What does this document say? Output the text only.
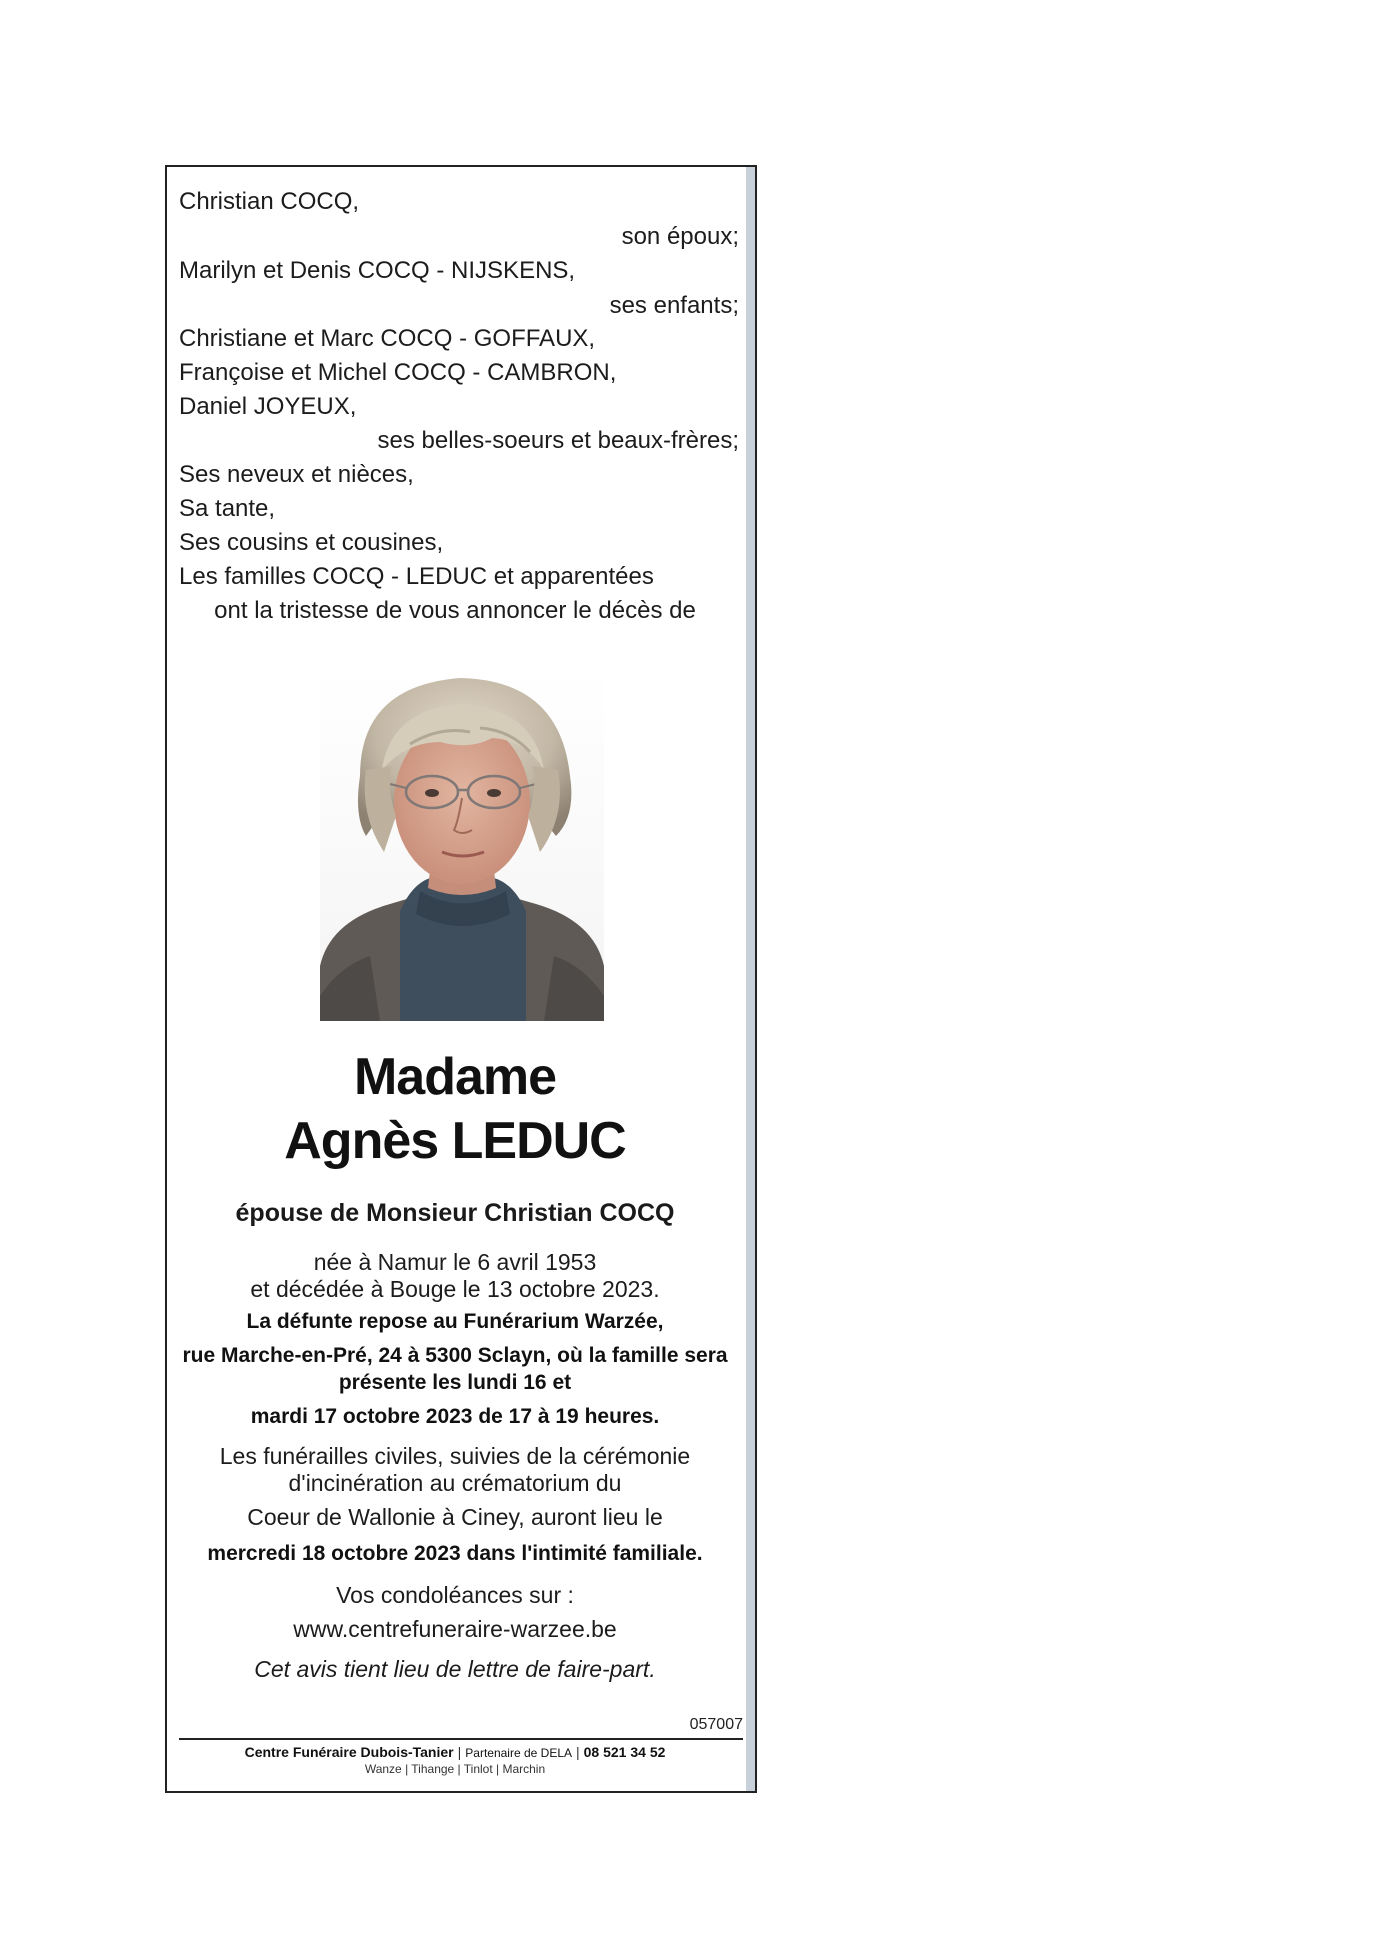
Christian COCQ,
son époux;
Marilyn et Denis COCQ - NIJSKENS,
ses enfants;
Christiane et Marc COCQ - GOFFAUX,
Françoise et Michel COCQ - CAMBRON,
Daniel JOYEUX,
ses belles-soeurs et beaux-frères;
Ses neveux et nièces,
Sa tante,
Ses cousins et cousines,
Les familles COCQ - LEDUC et apparentées
ont la tristesse de vous annoncer le décès de
Madame
Agnès LEDUC
épouse de Monsieur Christian COCQ
née à Namur le 6 avril 1953
et décédée à Bouge le 13 octobre 2023.
La défunte repose au Funérarium Warzée,
rue Marche-en-Pré, 24 à 5300 Sclayn, où la famille sera
présente les lundi 16 et
mardi 17 octobre 2023 de 17 à 19 heures.
Les funérailles civiles, suivies de la cérémonie
d'incinération au crématorium du
Coeur de Wallonie à Ciney, auront lieu le
mercredi 18 octobre 2023 dans l'intimité familiale.
Vos condoléances sur :
www.centrefuneraire-warzee.be
Cet avis tient lieu de lettre de faire-part.
057007
Centre Funéraire Dubois-Tanier | Partenaire de DELA | 08 521 34 52
Wanze | Tihange | Tinlot | Marchin
